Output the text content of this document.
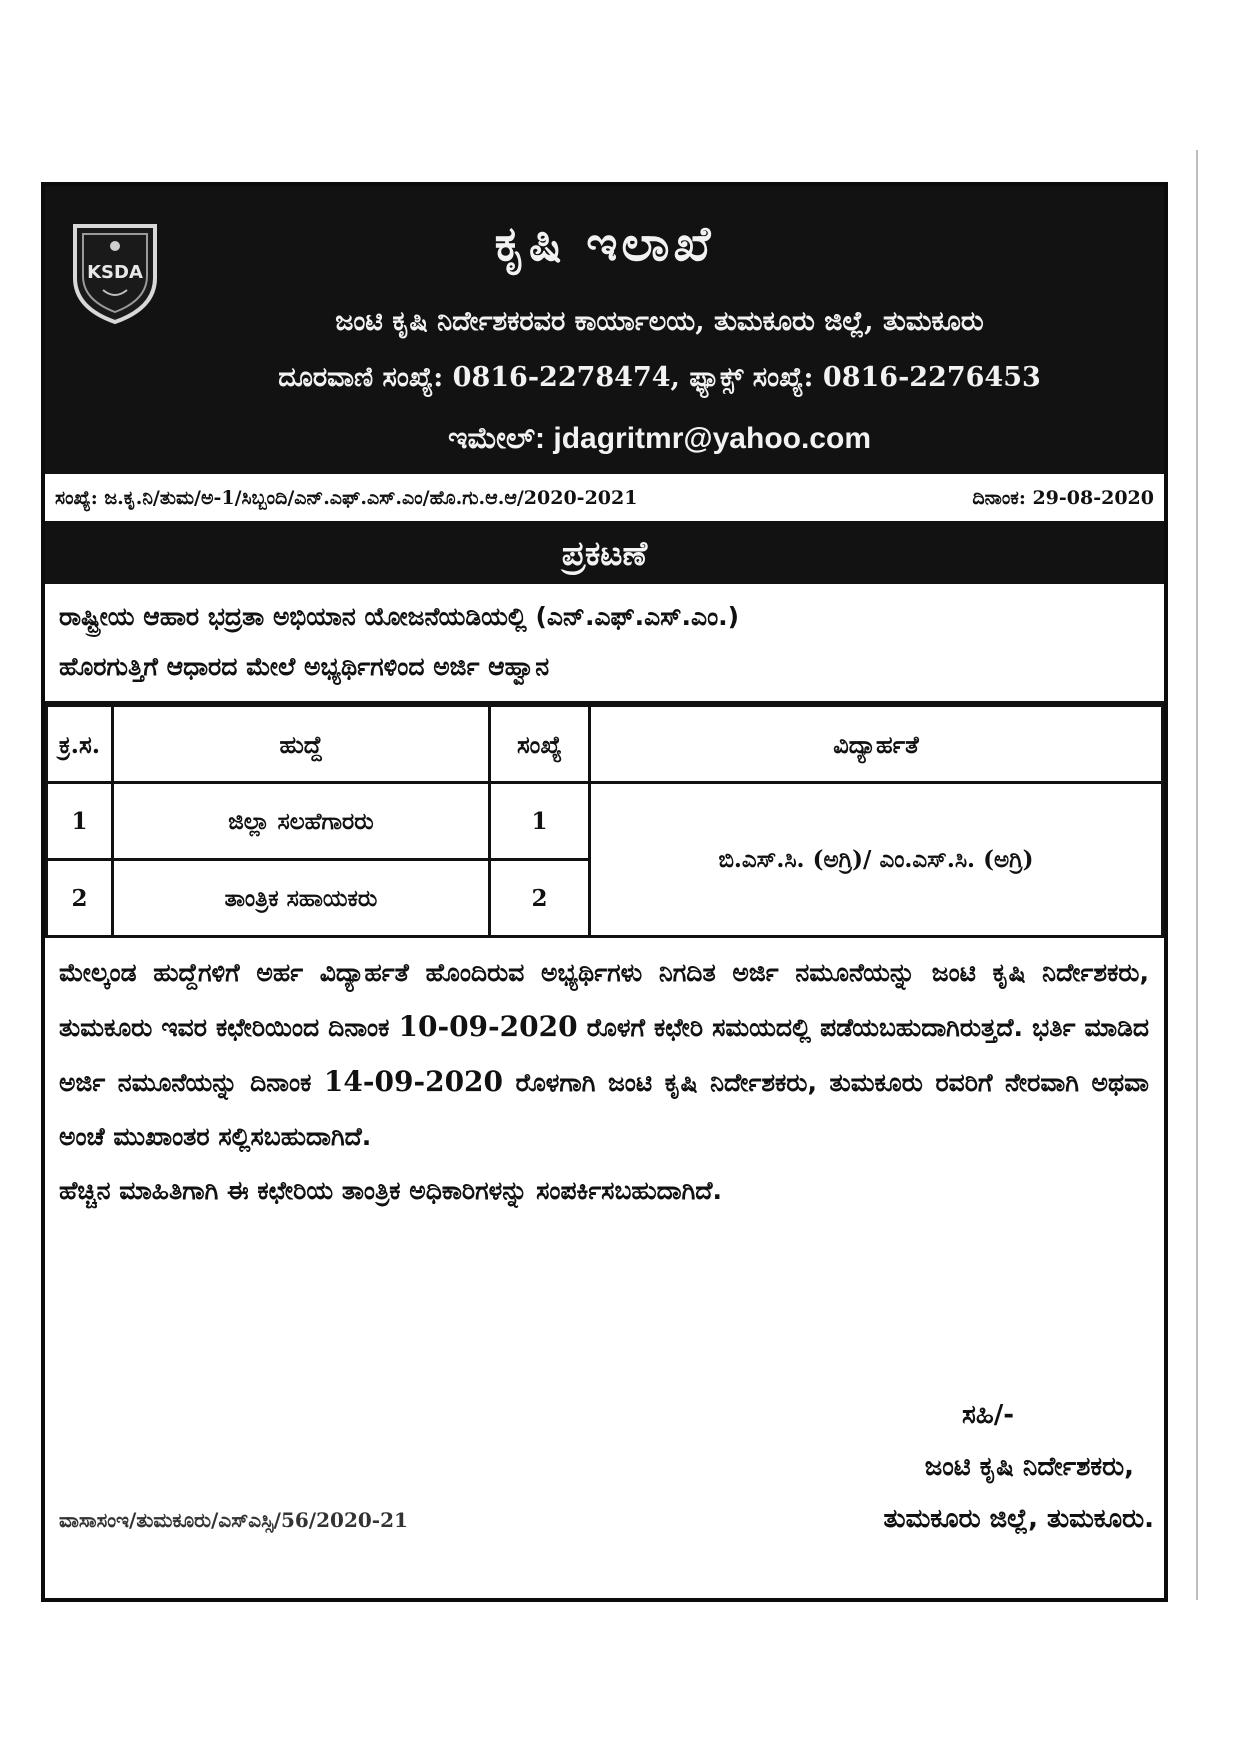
KSDA
ಕೃಷಿ ಇಲಾಖೆ
ಜಂಟಿ ಕೃಷಿ ನಿರ್ದೇಶಕರವರ ಕಾರ್ಯಾಲಯ, ತುಮಕೂರು ಜಿಲ್ಲೆ, ತುಮಕೂರು
ದೂರವಾಣಿ ಸಂಖ್ಯೆ: 0816-2278474, ಫ್ಯಾಕ್ಸ್ ಸಂಖ್ಯೆ: 0816-2276453
ಇಮೇಲ್: jdagritmr@yahoo.com
ಸಂಖ್ಯೆ: ಜ.ಕೃ.ನಿ/ತುಮ/ಅ-1/ಸಿಬ್ಬಂದಿ/ಎನ್.ಎಫ್.ಎಸ್.ಎಂ/ಹೊ.ಗು.ಆ.ಆ/2020-2021	ದಿನಾಂಕ: 29-08-2020
ಪ್ರಕಟಣೆ
ರಾಷ್ಟ್ರೀಯ ಆಹಾರ ಭದ್ರತಾ ಅಭಿಯಾನ ಯೋಜನೆಯಡಿಯಲ್ಲಿ (ಎನ್.ಎಫ್.ಎಸ್.ಎಂ.)
ಹೊರಗುತ್ತಿಗೆ ಆಧಾರದ ಮೇಲೆ ಅಭ್ಯರ್ಥಿಗಳಿಂದ ಅರ್ಜಿ ಆಹ್ವಾನ
ಕ್ರ.ಸ.	ಹುದ್ದೆ	ಸಂಖ್ಯೆ	ವಿದ್ಯಾರ್ಹತೆ
1	ಜಿಲ್ಲಾ ಸಲಹೆಗಾರರು	1	ಬಿ.ಎಸ್.ಸಿ. (ಅಗ್ರಿ)/ ಎಂ.ಎಸ್.ಸಿ. (ಅಗ್ರಿ)
2	ತಾಂತ್ರಿಕ ಸಹಾಯಕರು	2	
ಮೇಲ್ಕಂಡ ಹುದ್ದೆಗಳಿಗೆ ಅರ್ಹ ವಿದ್ಯಾರ್ಹತೆ ಹೊಂದಿರುವ ಅಭ್ಯರ್ಥಿಗಳು ನಿಗದಿತ ಅರ್ಜಿ ನಮೂನೆಯನ್ನು ಜಂಟಿ ಕೃಷಿ ನಿರ್ದೇಶಕರು, ತುಮಕೂರು ಇವರ ಕಛೇರಿಯಿಂದ ದಿನಾಂಕ 10-09-2020 ರೊಳಗೆ ಕಛೇರಿ ಸಮಯದಲ್ಲಿ ಪಡೆಯಬಹುದಾಗಿರುತ್ತದೆ. ಭರ್ತಿ ಮಾಡಿದ ಅರ್ಜಿ ನಮೂನೆಯನ್ನು ದಿನಾಂಕ 14-09-2020 ರೊಳಗಾಗಿ ಜಂಟಿ ಕೃಷಿ ನಿರ್ದೇಶಕರು, ತುಮಕೂರು ರವರಿಗೆ ನೇರವಾಗಿ ಅಥವಾ ಅಂಚೆ ಮುಖಾಂತರ ಸಲ್ಲಿಸಬಹುದಾಗಿದೆ.
ಹೆಚ್ಚಿನ ಮಾಹಿತಿಗಾಗಿ ಈ ಕಛೇರಿಯ ತಾಂತ್ರಿಕ ಅಧಿಕಾರಿಗಳನ್ನು ಸಂಪರ್ಕಿಸಬಹುದಾಗಿದೆ.
ಸಹಿ/-
ಜಂಟಿ ಕೃಷಿ ನಿರ್ದೇಶಕರು,
ವಾಸಾಸಂಇ/ತುಮಕೂರು/ಎಸ್ಎಸ್ಸಿ/56/2020-21	ತುಮಕೂರು ಜಿಲ್ಲೆ, ತುಮಕೂರು.
